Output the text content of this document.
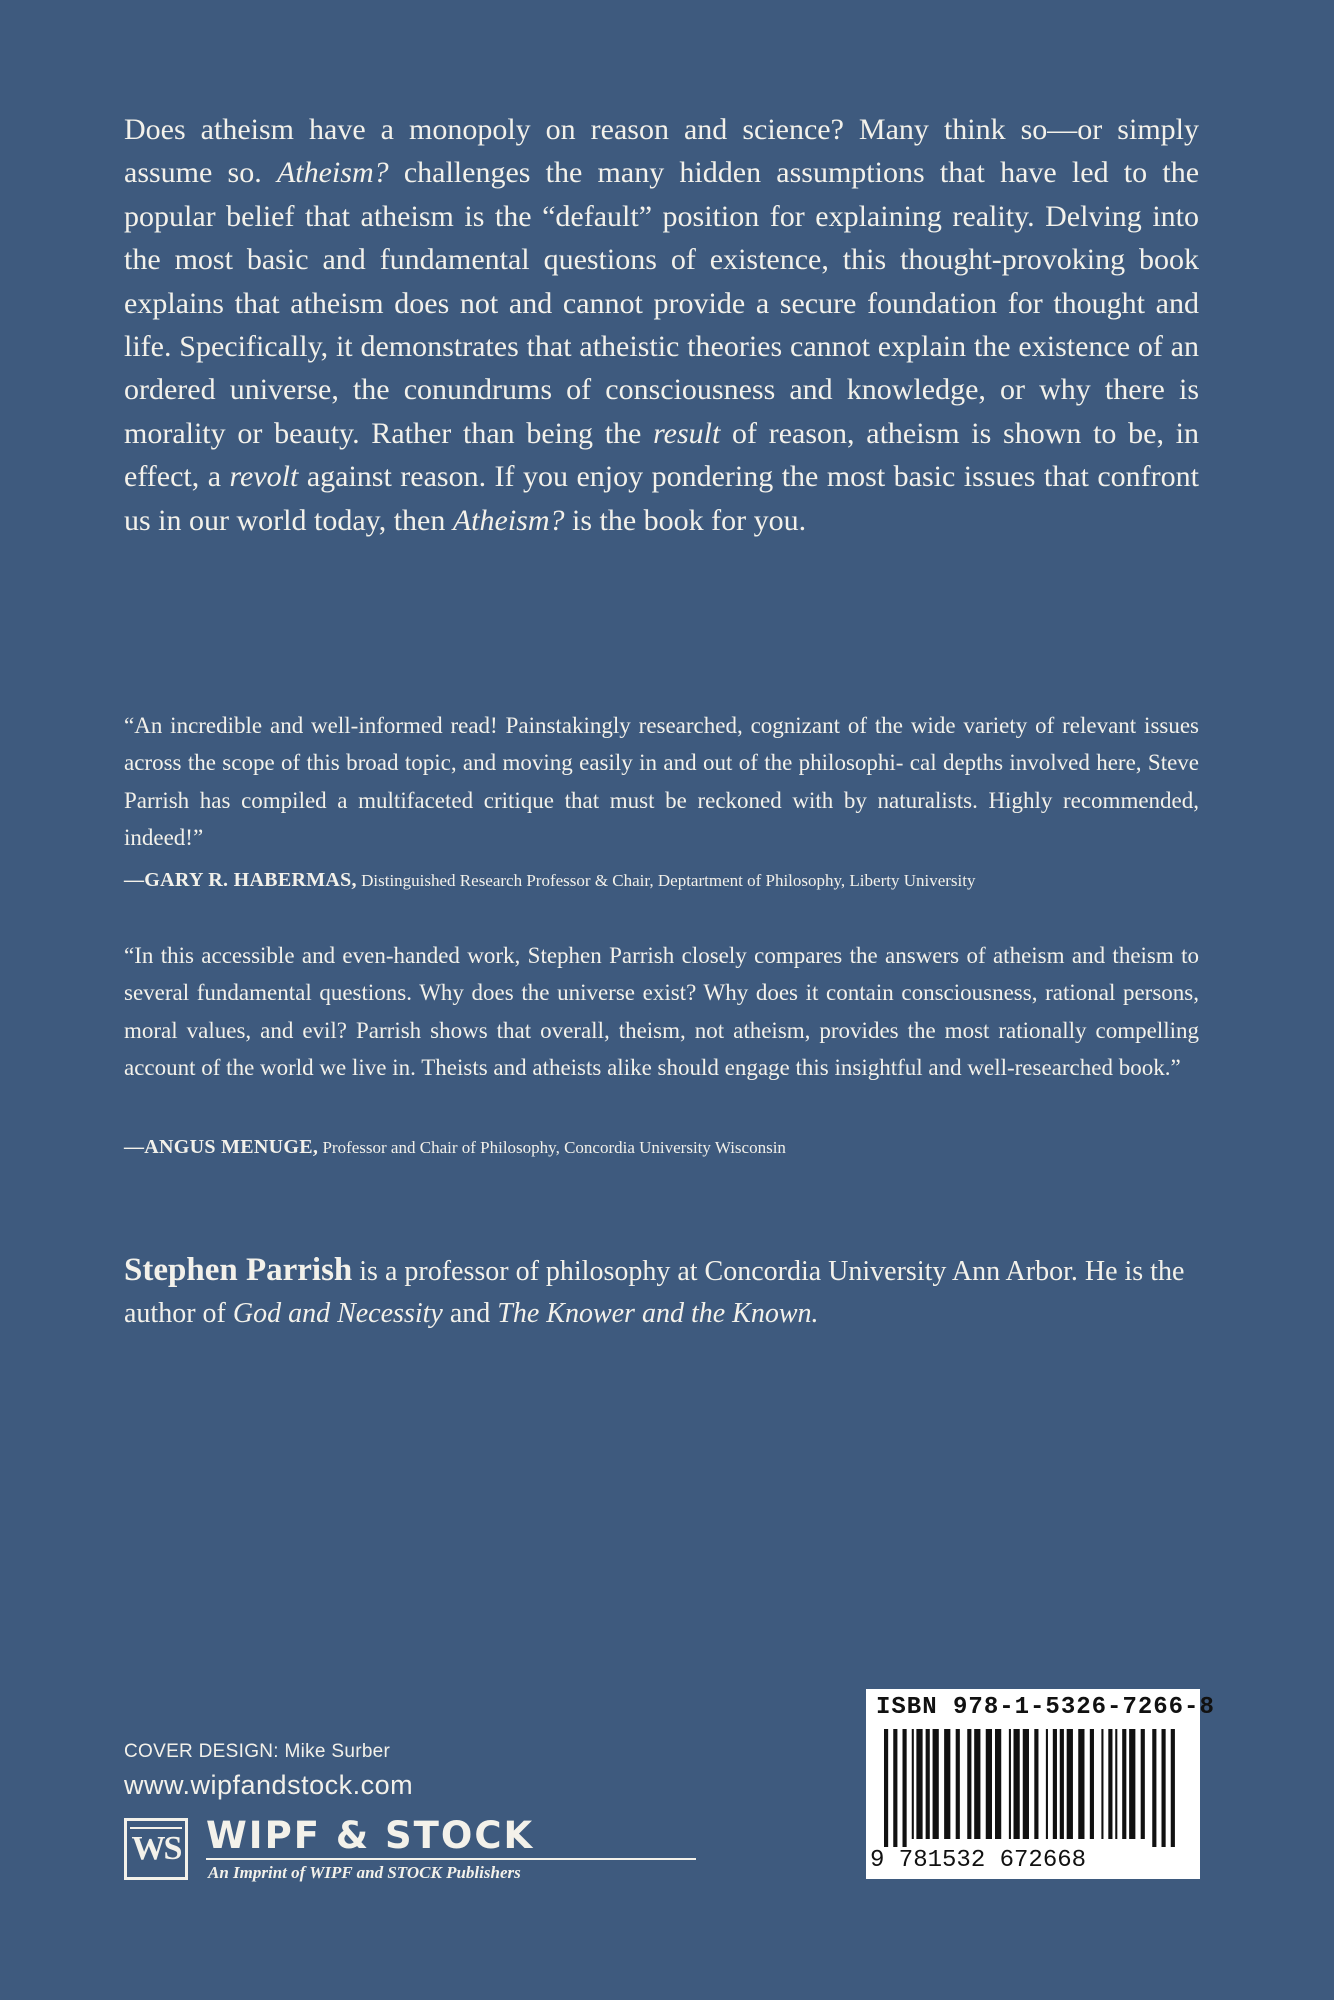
Does atheism have a monopoly on reason and science? Many think so—or simply assume so. Atheism? challenges the many hidden assumptions that have led to the popular belief that atheism is the “default” position for explaining reality. Delving into the most basic and fundamental questions of existence, this thought-provoking book explains that atheism does not and cannot provide a secure foundation for thought and life. Specifically, it demonstrates that atheistic theories cannot explain the existence of an ordered universe, the conundrums of consciousness and knowledge, or why there is morality or beauty. Rather than being the result of reason, atheism is shown to be, in effect, a revolt against reason. If you enjoy pondering the most basic issues that confront us in our world today, then Atheism? is the book for you.

“An incredible and well-informed read! Painstakingly researched, cognizant of the wide variety of relevant issues across the scope of this broad topic, and moving easily in and out of the philosophi- cal depths involved here, Steve Parrish has compiled a multifaceted critique that must be reckoned with by naturalists. Highly recommended, indeed!”

—GARY R. HABERMAS, Distinguished Research Professor & Chair, Deptartment of Philosophy, Liberty University

“In this accessible and even-handed work, Stephen Parrish closely compares the answers of atheism and theism to several fundamental questions. Why does the universe exist? Why does it contain consciousness, rational persons, moral values, and evil? Parrish shows that overall, theism, not atheism, provides the most rationally compelling account of the world we live in. Theists and atheists alike should engage this insightful and well-researched book.”

—ANGUS MENUGE, Professor and Chair of Philosophy, Concordia University Wisconsin

Stephen Parrish is a professor of philosophy at Concordia University Ann Arbor. He is the author of God and Necessity and The Knower and the Known.

COVER DESIGN: Mike Surber

www.wipfandstock.com

WS WIPF & STOCK
An Imprint of WIPF and STOCK Publishers
ISBN 978-1-5326-7266-8
9 781532 672668
